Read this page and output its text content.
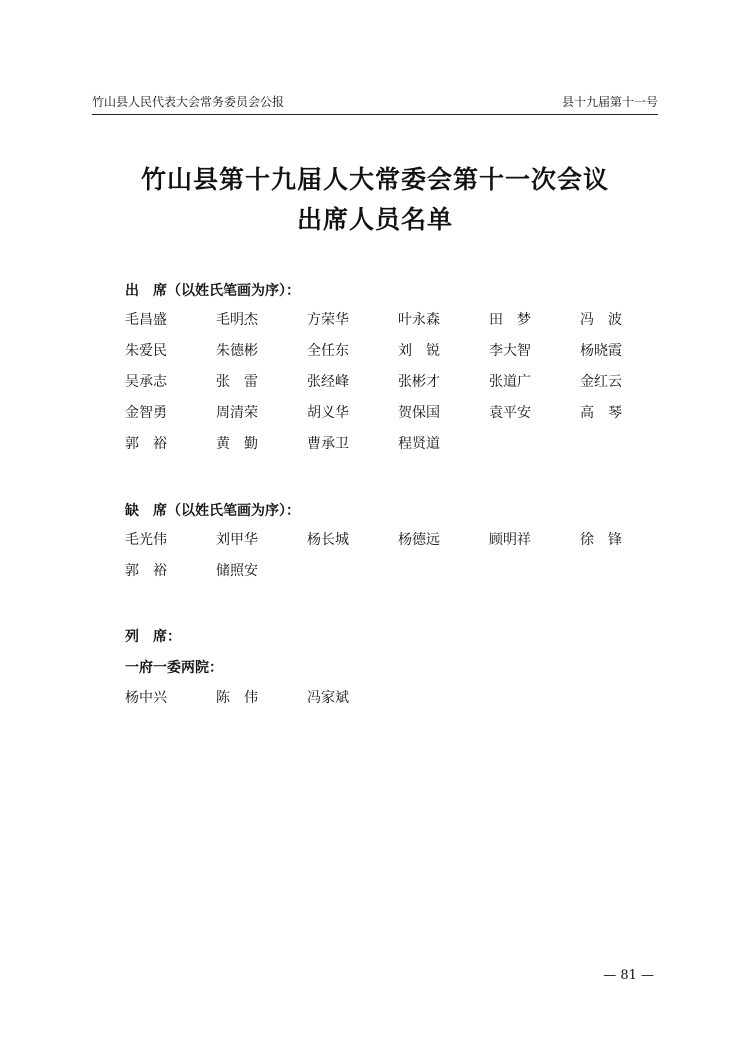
竹山县人民代表大会常务委员会公报	县十九届第十一号
竹山县第十九届人大常委会第十一次会议
出席人员名单
出　席（以姓氏笔画为序）：
毛昌盛	毛明杰	方荣华	叶永森	田　梦	冯　波
朱爱民	朱德彬	全任东	刘　锐	李大智	杨晓霞
吴承志	张　雷	张经峰	张彬才	张道广	金红云
金智勇	周清荣	胡义华	贺保国	袁平安	高　琴
郭　裕	黄　勤	曹承卫	程贤道
缺　席（以姓氏笔画为序）：
毛光伟	刘甲华	杨长城	杨德远	顾明祥	徐　锋
郭　裕	储照安
列　席：
一府一委两院：
杨中兴	陈　伟	冯家斌
— 81 —
